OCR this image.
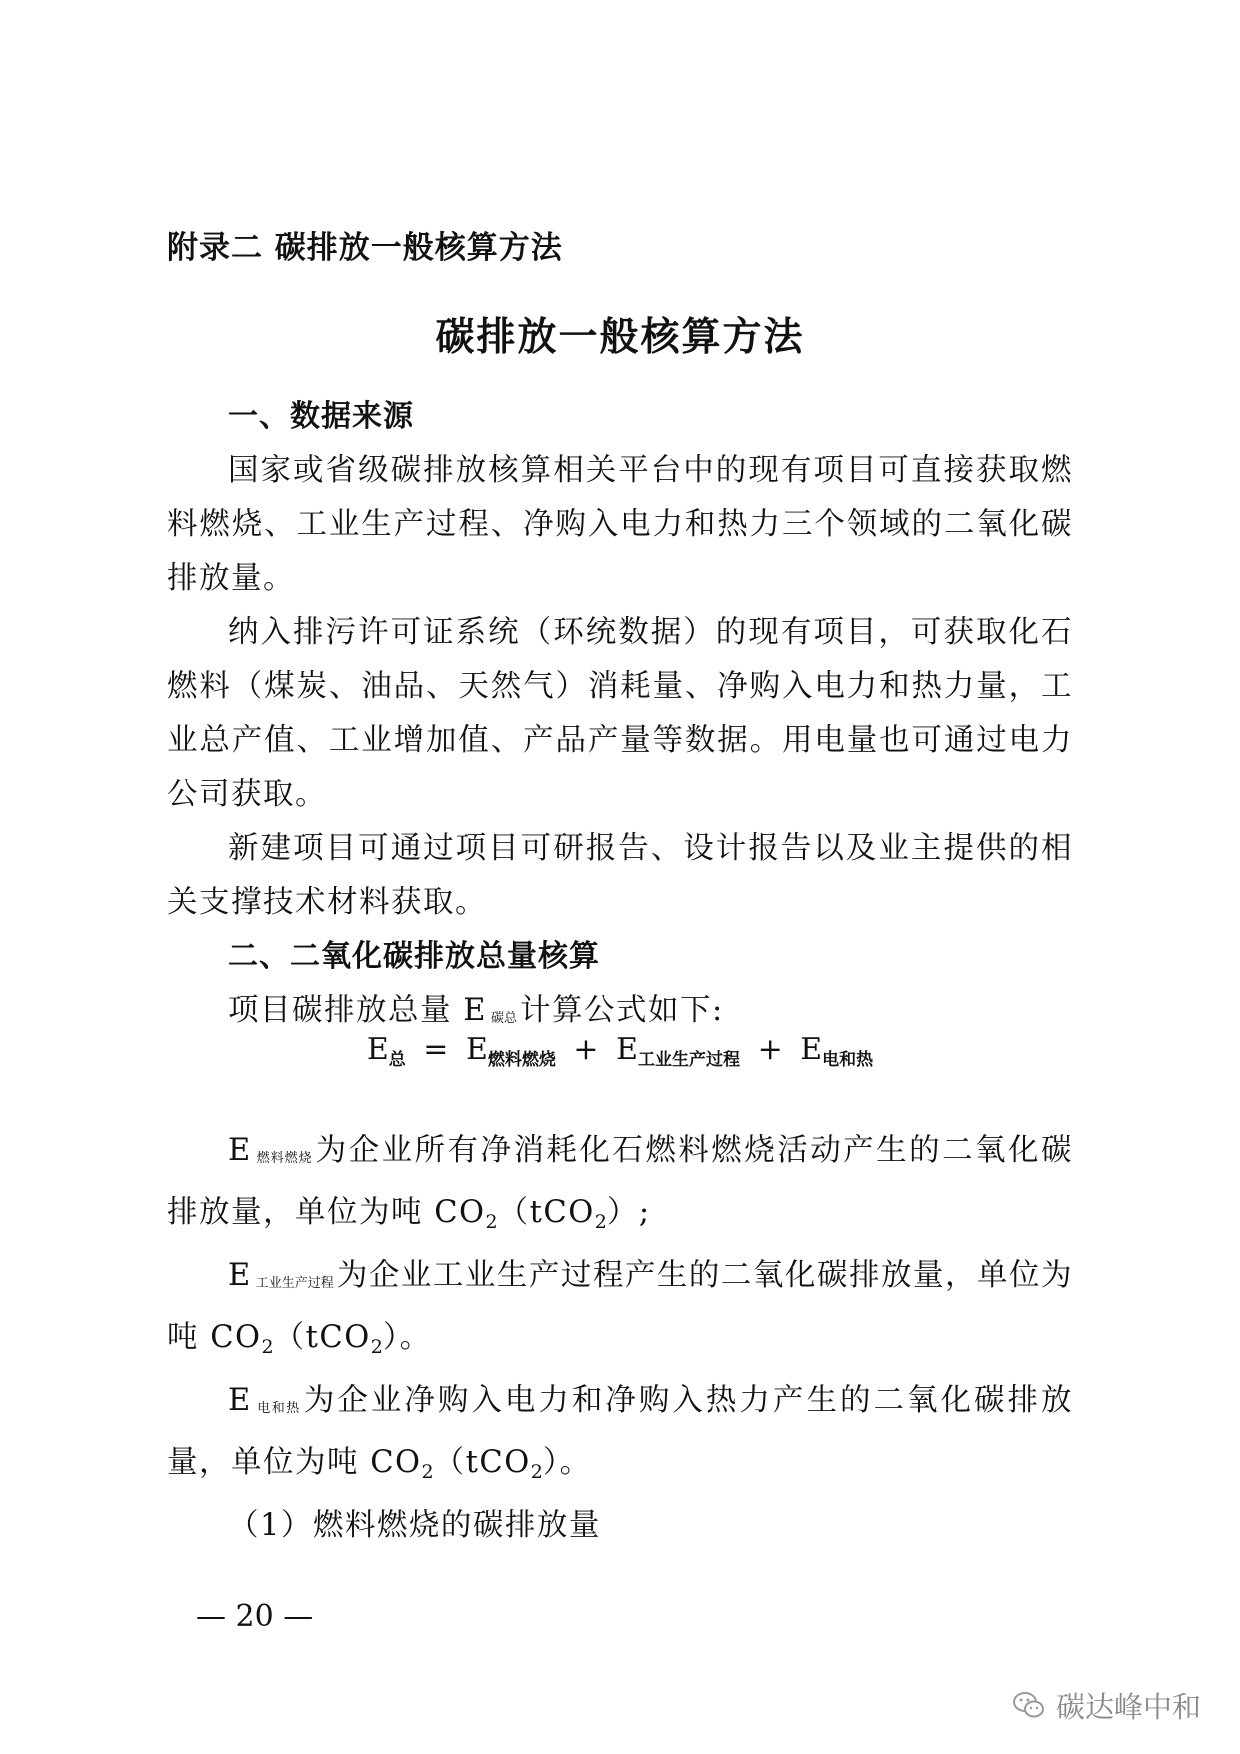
附录二 碳排放一般核算方法
碳排放一般核算方法
一、数据来源

国家或省级碳排放核算相关平台中的现有项目可直接获取燃料燃烧、工业生产过程、净购入电力和热力三个领域的二氧化碳排放量。

纳入排污许可证系统（环统数据）的现有项目，可获取化石燃料（煤炭、油品、天然气）消耗量、净购入电力和热力量，工业总产值、工业增加值、产品产量等数据。用电量也可通过电力公司获取。

新建项目可通过项目可研报告、设计报告以及业主提供的相关支撑技术材料获取。

二、二氧化碳排放总量核算

项目碳排放总量 E 碳总计算公式如下:

E燃料燃烧为企业所有净消耗化石燃料燃烧活动产生的二氧化碳排放量，单位为吨 CO2（tCO2）;

E工业生产过程为企业工业生产过程产生的二氧化碳排放量，单位为吨 CO2（tCO2）。

E电和热为企业净购入电力和净购入热力产生的二氧化碳排放量，单位为吨 CO2（tCO2）。

（1）燃料燃烧的碳排放量
$E_总 = E_{燃料燃烧} + E_{工业生产过程} + E_{电和热}$
— 20 —
碳达峰中和
